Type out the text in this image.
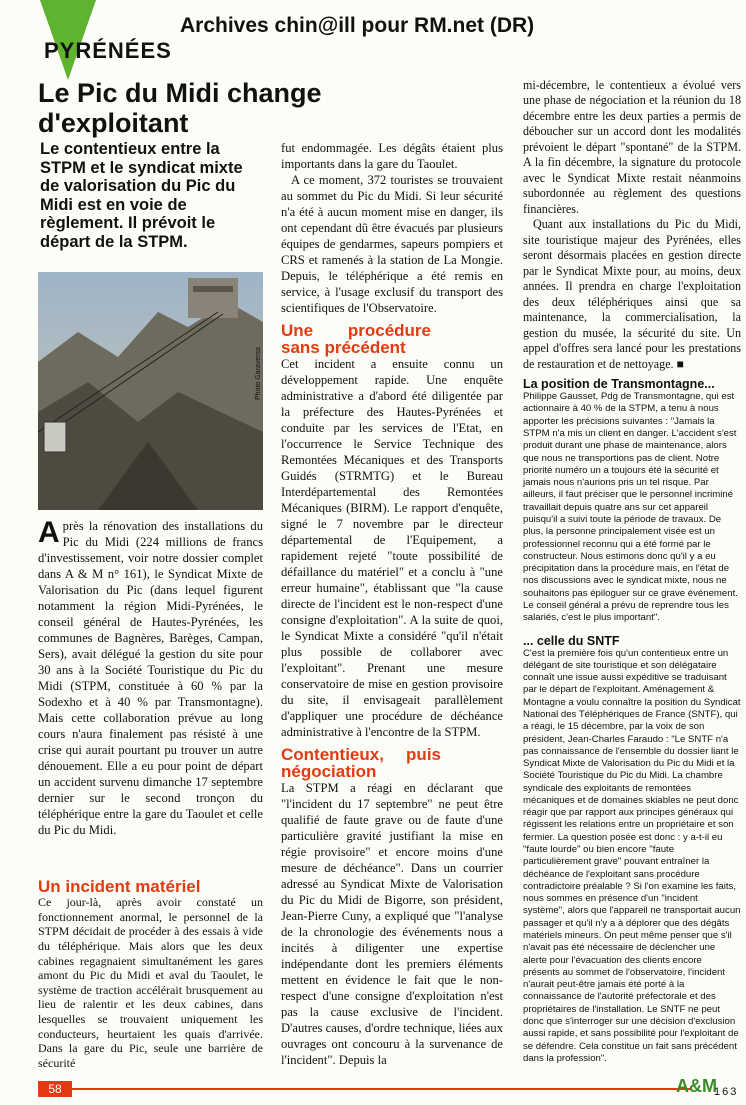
Archives chin@ill pour RM.net (DR)
PYRÉNÉES
Le Pic du Midi change d'exploitant
Le contentieux entre la STPM et le syndicat mixte de valorisation du Pic du Midi est en voie de règlement. Il prévoit le départ de la STPM.
Photo Garaventa

Après la rénovation des installations du Pic du Midi (224 millions de francs d'investissement, voir notre dossier complet dans A & M n° 161), le Syndicat Mixte de Valorisation du Pic (dans lequel figurent notamment la région Midi-Pyrénées, le conseil général de Hautes-Pyrénées, les communes de Bagnères, Barèges, Campan, Sers), avait délégué la gestion du site pour 30 ans à la Société Touristique du Pic du Midi (STPM, constituée à 60 % par la Sodexho et à 40 % par Transmontagne). Mais cette collaboration prévue au long cours n'aura finalement pas résisté à une crise qui aurait pourtant pu trouver un autre dénouement. Elle a eu pour point de départ un accident survenu dimanche 17 septembre dernier sur le second tronçon du téléphérique entre la gare du Taoulet et celle du Pic du Midi.

Un incident matériel

Ce jour-là, après avoir constaté un fonctionnement anormal, le personnel de la STPM décidait de procéder à des essais à vide du téléphérique. Mais alors que les deux cabines regagnaient simultanément les gares amont du Pic du Midi et aval du Taoulet, le système de traction accélérait brusquement au lieu de ralentir et les deux cabines, dans lesquelles se trouvaient uniquement les conducteurs, heurtaient les quais d'arrivée. Dans la gare du Pic, seule une barrière de sécurité

fut endommagée. Les dégâts étaient plus importants dans la gare du Taoulet.

A ce moment, 372 touristes se trouvaient au sommet du Pic du Midi. Si leur sécurité n'a été à aucun moment mise en danger, ils ont cependant dû être évacués par plusieurs équipes de gendarmes, sapeurs pompiers et CRS et ramenés à la station de La Mongie. Depuis, le téléphérique a été remis en service, à l'usage exclusif du transport des scientifiques de l'Observatoire.

Une procédure sans précédent

Cet incident a ensuite connu un développement rapide. Une enquête administrative a d'abord été diligentée par la préfecture des Hautes-Pyrénées et conduite par les services de l'Etat, en l'occurrence le Service Technique des Remontées Mécaniques et des Transports Guidés (STRMTG) et le Bureau Interdépartemental des Remontées Mécaniques (BIRM). Le rapport d'enquête, signé le 7 novembre par le directeur départemental de l'Equipement, a rapidement rejeté "toute possibilité de défaillance du matériel" et a conclu à "une erreur humaine", établissant que "la cause directe de l'incident est le non-respect d'une consigne d'exploitation". A la suite de quoi, le Syndicat Mixte a considéré "qu'il n'était plus possible de collaborer avec l'exploitant". Prenant une mesure conservatoire de mise en gestion provisoire du site, il envisageait parallèlement d'appliquer une procédure de déchéance administrative à l'encontre de la STPM.

Contentieux, puis négociation

La STPM a réagi en déclarant que "l'incident du 17 septembre" ne peut être qualifié de faute grave ou de faute d'une particulière gravité justifiant la mise en régie provisoire" et encore moins d'une mesure de déchéance". Dans un courrier adressé au Syndicat Mixte de Valorisation du Pic du Midi de Bigorre, son président, Jean-Pierre Cuny, a expliqué que "l'analyse de la chronologie des événements nous a incités à diligenter une expertise indépendante dont les premiers éléments mettent en évidence le fait que le non-respect d'une consigne d'exploitation n'est pas la cause exclusive de l'incident. D'autres causes, d'ordre technique, liées aux ouvrages ont concouru à la survenance de l'incident". Depuis la

mi-décembre, le contentieux a évolué vers une phase de négociation et la réunion du 18 décembre entre les deux parties a permis de déboucher sur un accord dont les modalités prévoient le départ "spontané" de la STPM. A la fin décembre, la signature du protocole avec le Syndicat Mixte restait néanmoins subordonnée au règlement des questions financières.

Quant aux installations du Pic du Midi, site touristique majeur des Pyrénées, elles seront désormais placées en gestion directe par le Syndicat Mixte pour, au moins, deux années. Il prendra en charge l'exploitation des deux téléphériques ainsi que sa maintenance, la commercialisation, la gestion du musée, la sécurité du site. Un appel d'offres sera lancé pour les prestations de restauration et de nettoyage. ■

La position de Transmontagne...

Philippe Gausset, Pdg de Transmontagne, qui est actionnaire à 40 % de la STPM, a tenu à nous apporter les précisions suivantes : "Jamais la STPM n'a mis un client en danger. L'accident s'est produit durant une phase de maintenance, alors que nous ne transportions pas de client. Notre priorité numéro un a toujours été la sécurité et jamais nous n'aurions pris un tel risque. Par ailleurs, il faut préciser que le personnel incriminé travaillait depuis quatre ans sur cet appareil puisqu'il a suivi toute la période de travaux. De plus, la personne principalement visée est un professionnel reconnu qui a été formé par le constructeur. Nous estimons donc qu'il y a eu précipitation dans la procédure mais, en l'état de nos discussions avec le syndicat mixte, nous ne souhaitons pas épiloguer sur ce grave événement. Le conseil général a prévu de reprendre tous les salariés, c'est le plus important".

... celle du SNTF

C'est la première fois qu'un contentieux entre un délégant de site touristique et son délégataire connaît une issue aussi expéditive se traduisant par le départ de l'exploitant. Aménagement & Montagne a voulu connaître la position du Syndicat National des Téléphériques de France (SNTF), qui a réagi, le 15 décembre, par la voix de son président, Jean-Charles Faraudo : "Le SNTF n'a pas connaissance de l'ensemble du dossier liant le Syndicat Mixte de Valorisation du Pic du Midi et la Société Touristique du Pic du Midi. La chambre syndicale des exploitants de remontées mécaniques et de domaines skiables ne peut donc réagir que par rapport aux principes généraux qui régissent les relations entre un propriétaire et son fermier. La question posée est donc : y a-t-il eu "faute lourde" ou bien encore "faute particulièrement grave" pouvant entraîner la déchéance de l'exploitant sans procédure contradictoire préalable ? Si l'on examine les faits, nous sommes en présence d'un "incident système", alors que l'appareil ne transportait aucun passager et qu'il n'y a à déplorer que des dégâts matériels mineurs. On peut même penser que s'il n'avait pas été nécessaire de déclencher une alerte pour l'évacuation des clients encore présents au sommet de l'observatoire, l'incident n'aurait peut-être jamais été porté à la connaissance de l'autorité préfectorale et des propriétaires de l'installation. Le SNTF ne peut donc que s'interroger sur une décision d'exclusion aussi rapide, et sans possibilité pour l'exploitant de se défendre. Cela constitue un fait sans précédent dans la profession".

58	A&M
163
